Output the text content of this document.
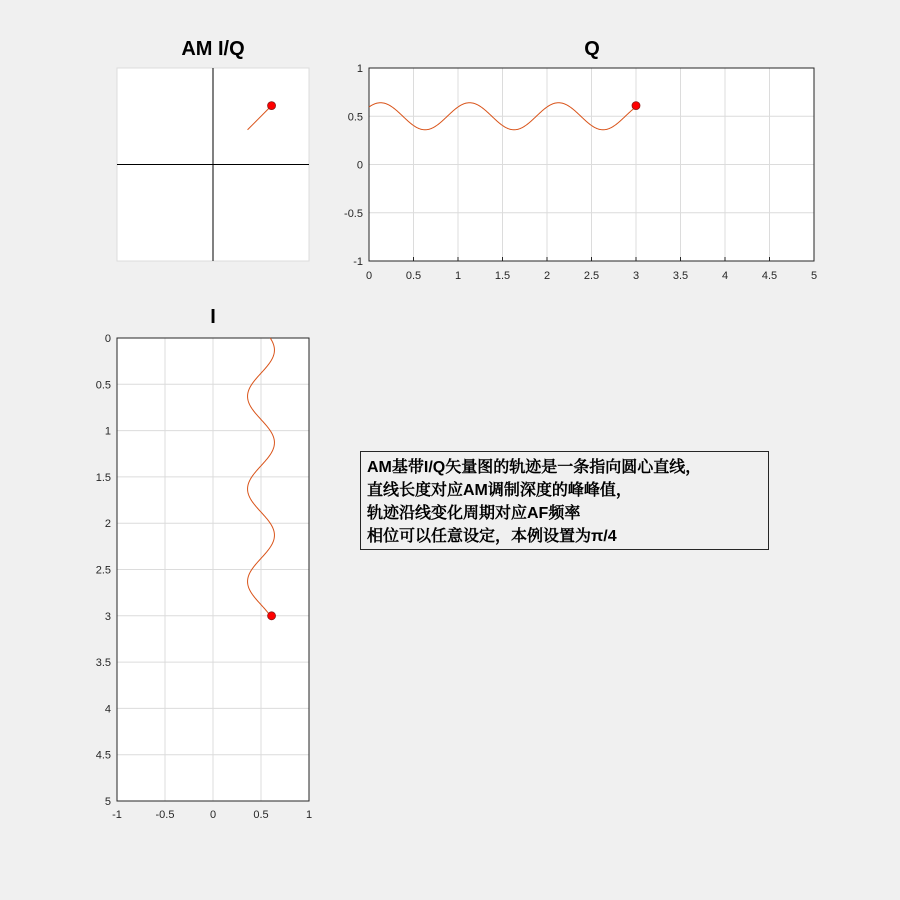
AM I/Q	Q
I
0	0.5	1	1.5	2	2.5	3	3.5	4	4.5	5
-1
-0.5
0
0.5
1
-1	-0.5	0	0.5	1
0
0.5
1
1.5
2
2.5
3
3.5
4
4.5
5
AM基带I/Q矢量图的轨迹是一条指向圆心直线，
直线长度对应AM调制深度的峰峰值，
轨迹沿线变化周期对应AF频率
相位可以任意设定，本例设置为π/4
